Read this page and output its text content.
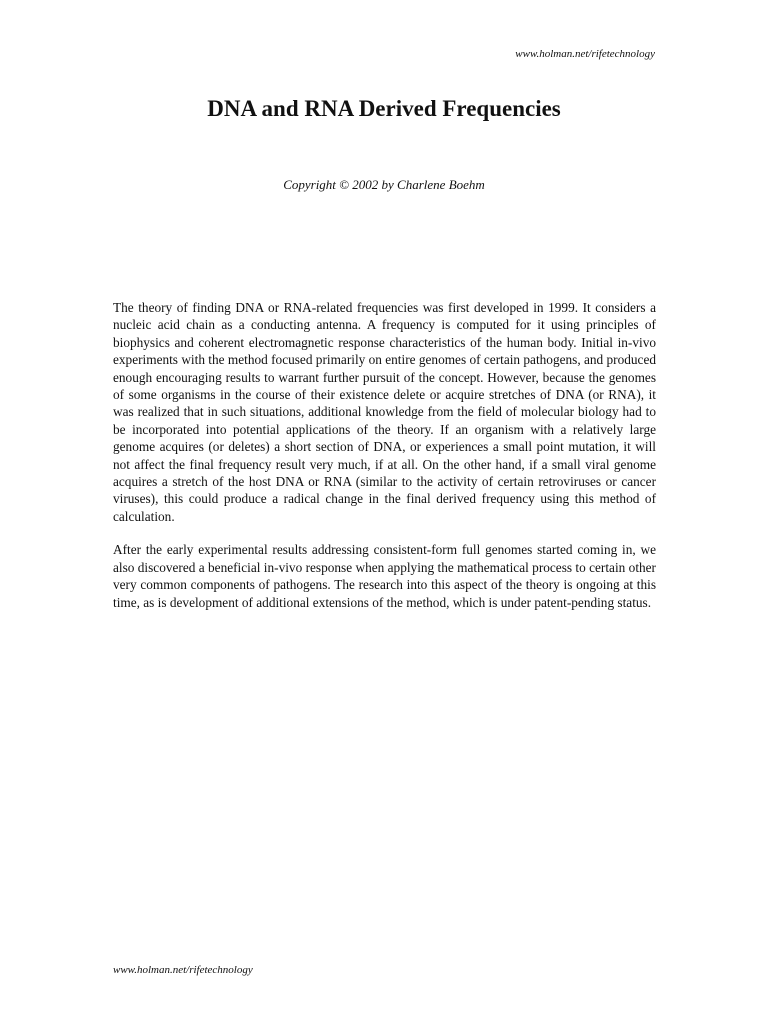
www.holman.net/rifetechnology
DNA and RNA Derived Frequencies
Copyright © 2002 by Charlene Boehm

The theory of finding DNA or RNA-related frequencies was first developed in 1999. It considers a nucleic acid chain as a conducting antenna. A frequency is computed for it using principles of biophysics and coherent electromagnetic response characteristics of the human body. Initial in-vivo experiments with the method focused primarily on entire genomes of certain pathogens, and produced enough encouraging results to warrant further pursuit of the concept. However, because the genomes of some organisms in the course of their existence delete or acquire stretches of DNA (or RNA), it was realized that in such situations, additional knowledge from the field of molecular biology had to be incorporated into potential applications of the theory. If an organism with a relatively large genome acquires (or deletes) a short section of DNA, or experiences a small point mutation, it will not affect the final frequency result very much, if at all. On the other hand, if a small viral genome acquires a stretch of the host DNA or RNA (similar to the activity of certain retroviruses or cancer viruses), this could produce a radical change in the final derived frequency using this method of calculation.

After the early experimental results addressing consistent-form full genomes started coming in, we also discovered a beneficial in-vivo response when applying the mathematical process to certain other very common components of pathogens. The research into this aspect of the theory is ongoing at this time, as is development of additional extensions of the method, which is under patent-pending status.

www.holman.net/rifetechnology
